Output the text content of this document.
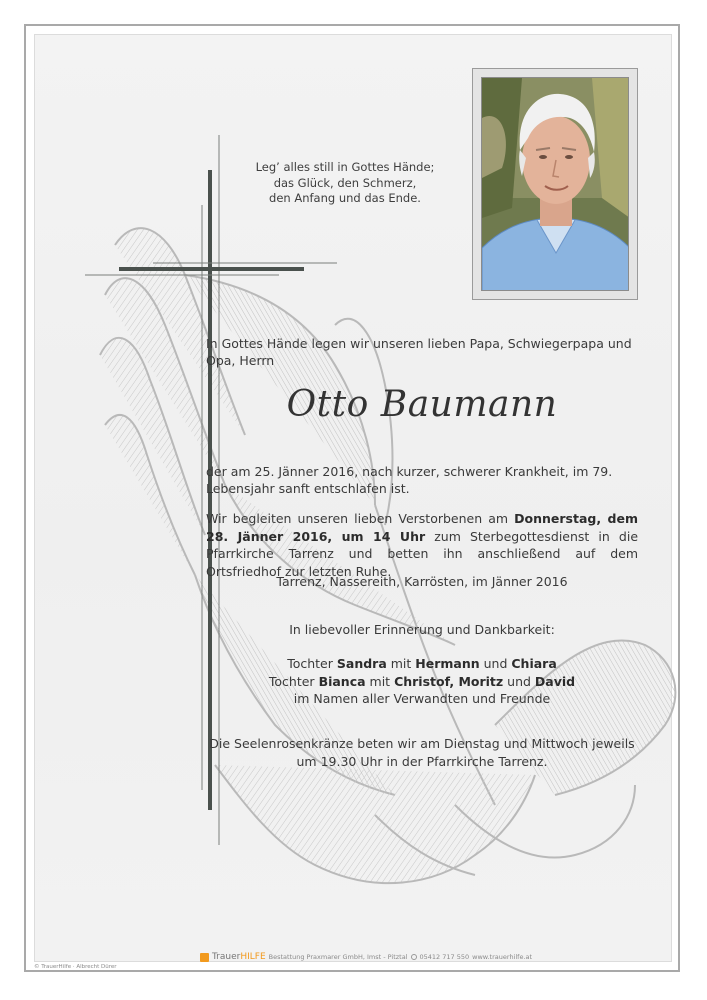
Leg’ alles still in Gottes Hände;
das Glück, den Schmerz,
den Anfang und das Ende.
In Gottes Hände legen wir unseren lieben Papa, Schwiegerpapa und Opa, Herrn
Otto Baumann
der am 25. Jänner 2016, nach kurzer, schwerer Krankheit, im 79. Lebensjahr sanft entschlafen ist.
Wir begleiten unseren lieben Verstorbenen am Donnerstag, dem 28. Jänner 2016, um 14 Uhr zum Sterbegottesdienst in die Pfarrkirche Tarrenz und betten ihn anschließend auf dem Ortsfriedhof zur letzten Ruhe.
Tarrenz, Nassereith, Karrösten, im Jänner 2016
In liebevoller Erinnerung und Dankbarkeit:
Tochter Sandra mit Hermann und Chiara
Tochter Bianca mit Christof, Moritz und David
im Namen aller Verwandten und Freunde
Die Seelenrosenkränze beten wir am Dienstag und Mittwoch jeweils
um 19.30 Uhr in der Pfarrkirche Tarrenz.
TrauerHILFE Bestattung Praxmarer GmbH, Imst - Pitztal 05412 717 550 www.trauerhilfe.at
© TrauerHilfe · Albrecht Dürer
